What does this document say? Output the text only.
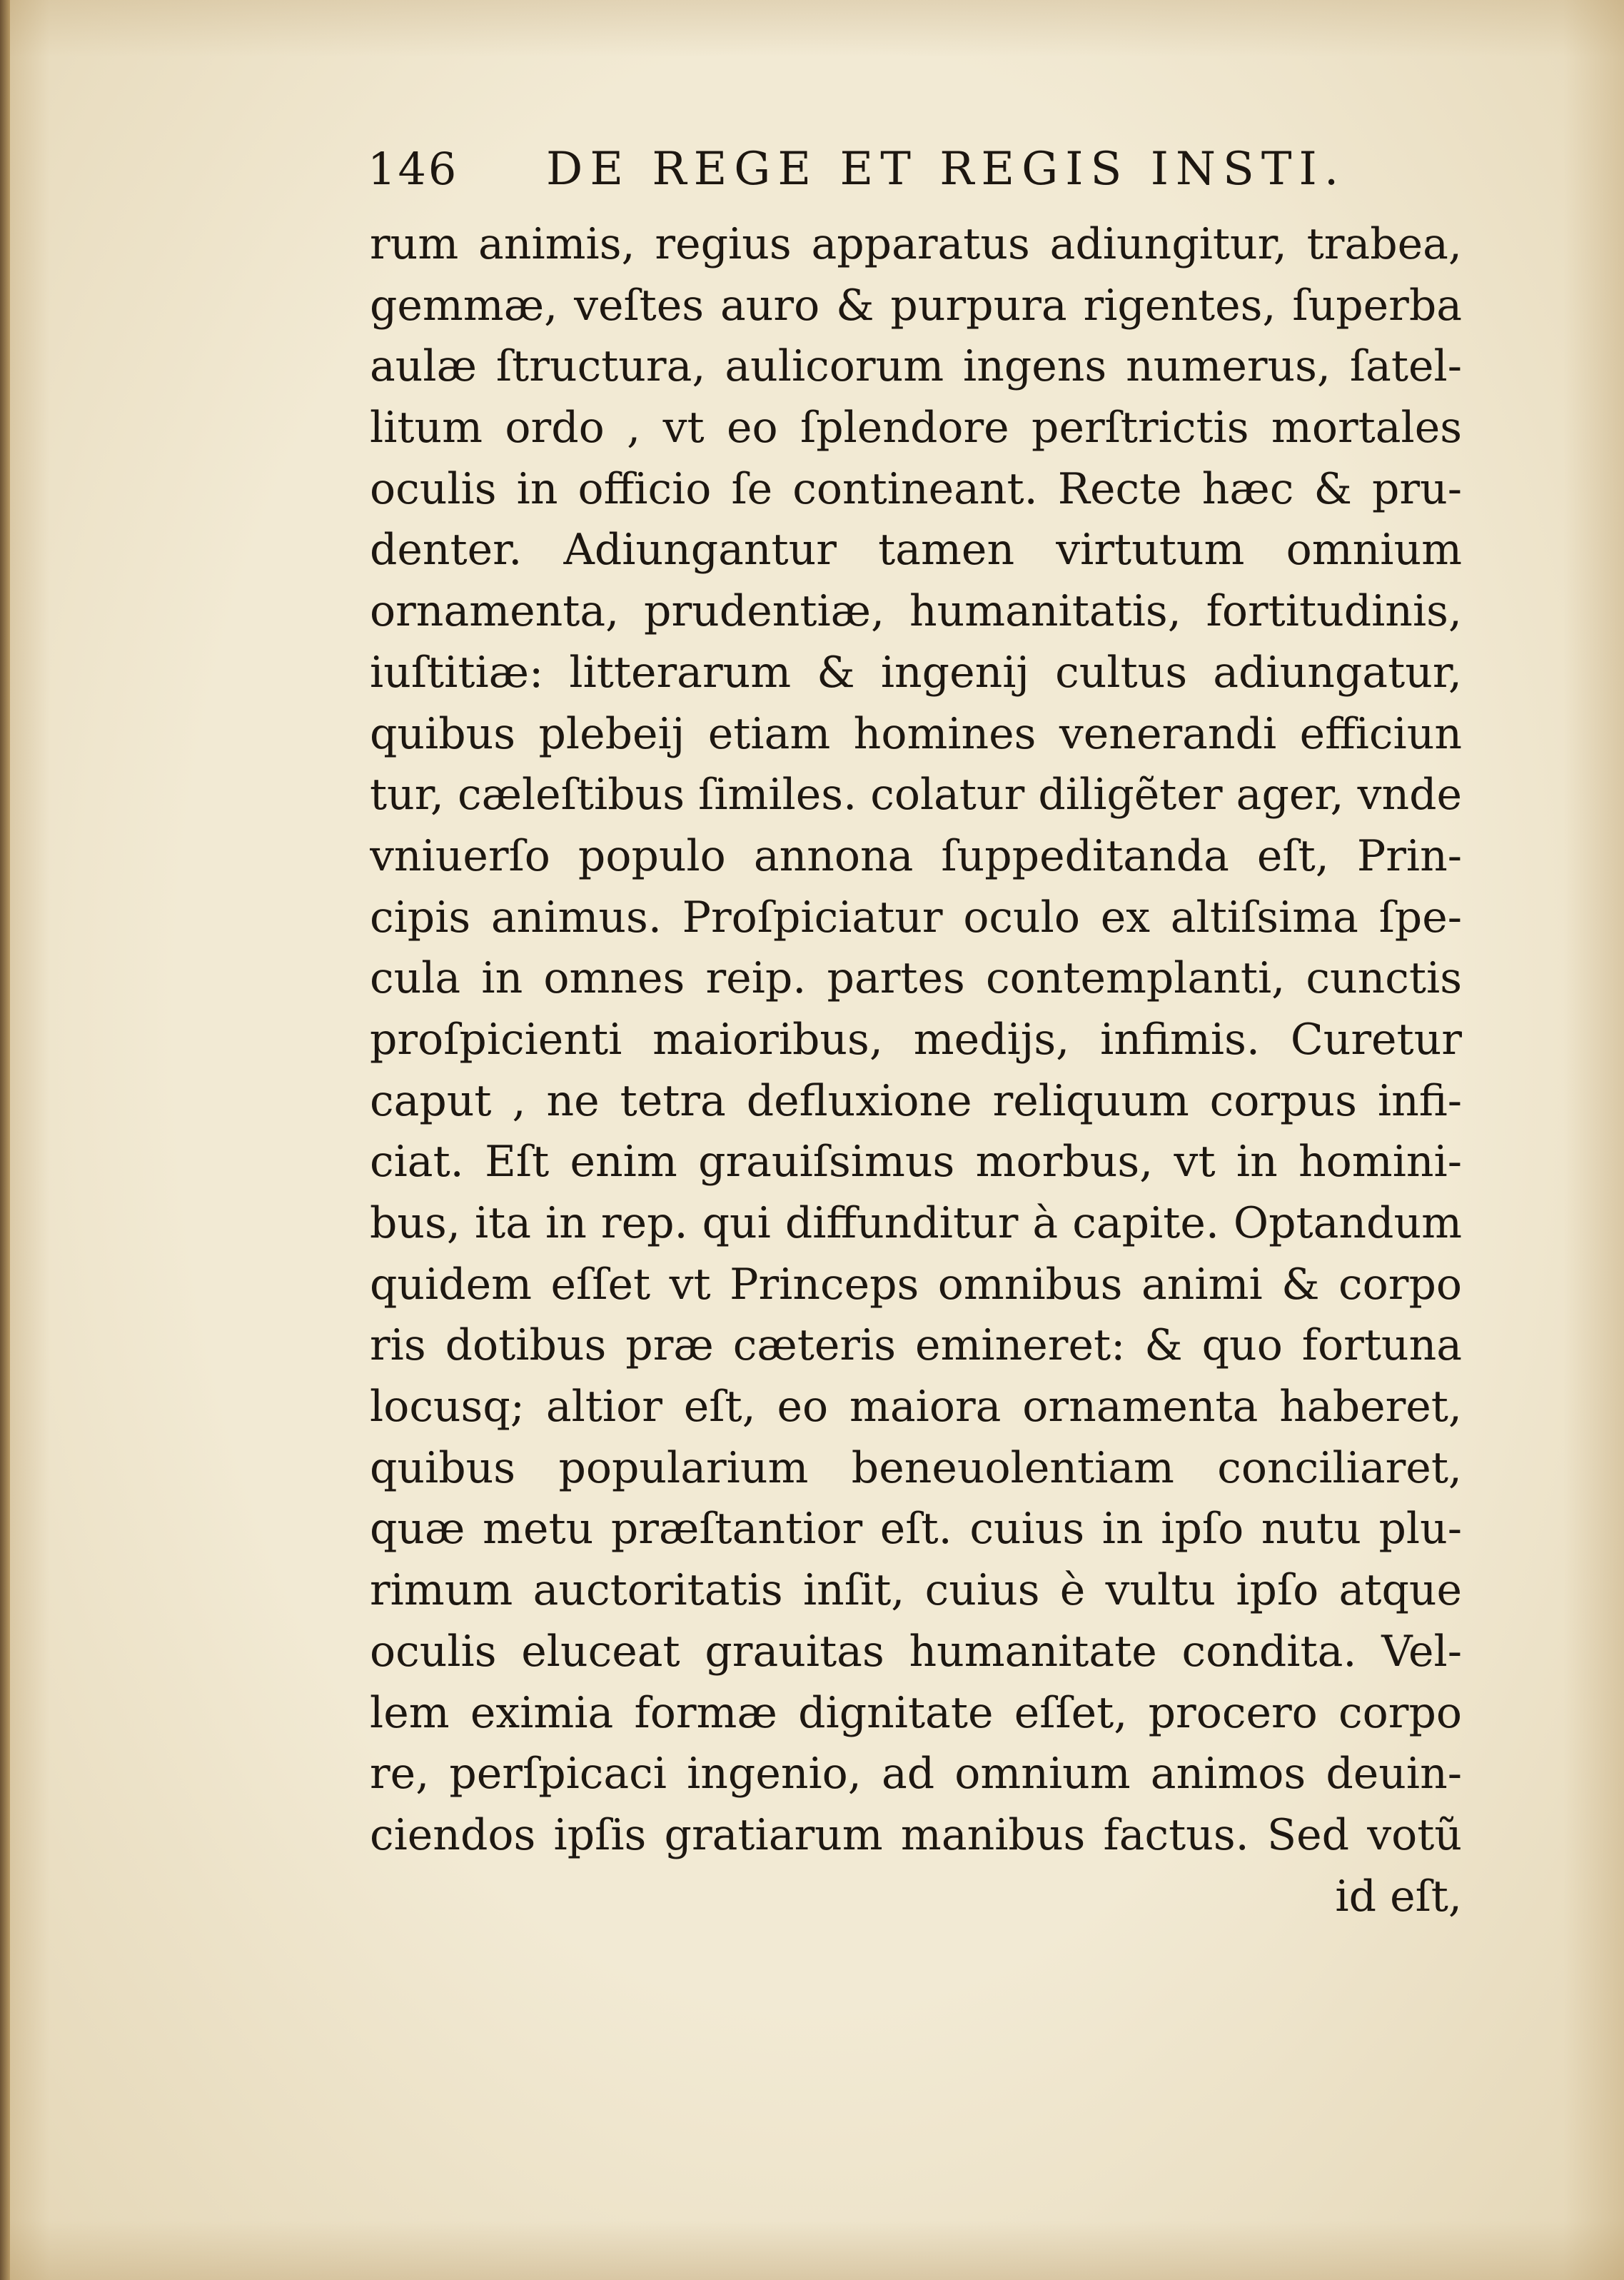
146	DE REGE ET REGIS INSTI.
rum animis, regius apparatus adiungitur, trabea,
gemmæ, veſtes auro & purpura rigentes, ſuperba
aulæ ſtructura, aulicorum ingens numerus, ſatel-
litum ordo , vt eo ſplendore perſtrictis mortales
oculis in officio ſe contineant. Recte hæc & pru-
denter. Adiungantur tamen virtutum omnium
ornamenta, prudentiæ, humanitatis, fortitudinis,
iuſtitiæ: litterarum & ingenij cultus adiungatur,
quibus plebeij etiam homines venerandi efficiun
tur, cæleſtibus ſimiles. colatur diligẽter ager, vnde
vniuerſo populo annona ſuppeditanda eſt, Prin-
cipis animus. Proſpiciatur oculo ex altiſsima ſpe-
cula in omnes reip. partes contemplanti, cunctis
proſpicienti maioribus, medijs, infimis. Curetur
caput , ne tetra defluxione reliquum corpus infi-
ciat. Eſt enim grauiſsimus morbus, vt in homini-
bus, ita in rep. qui diffunditur à capite. Optandum
quidem eſſet vt Princeps omnibus animi & corpo
ris dotibus præ cæteris emineret: & quo fortuna
locusq; altior eſt, eo maiora ornamenta haberet,
quibus popularium beneuolentiam conciliaret,
quæ metu præſtantior eſt. cuius in ipſo nutu plu-
rimum auctoritatis inſit, cuius è vultu ipſo atque
oculis eluceat grauitas humanitate condita. Vel-
lem eximia formæ dignitate eſſet, procero corpo
re, perſpicaci ingenio, ad omnium animos deuin-
ciendos ipſis gratiarum manibus factus. Sed votũ
id eſt,
